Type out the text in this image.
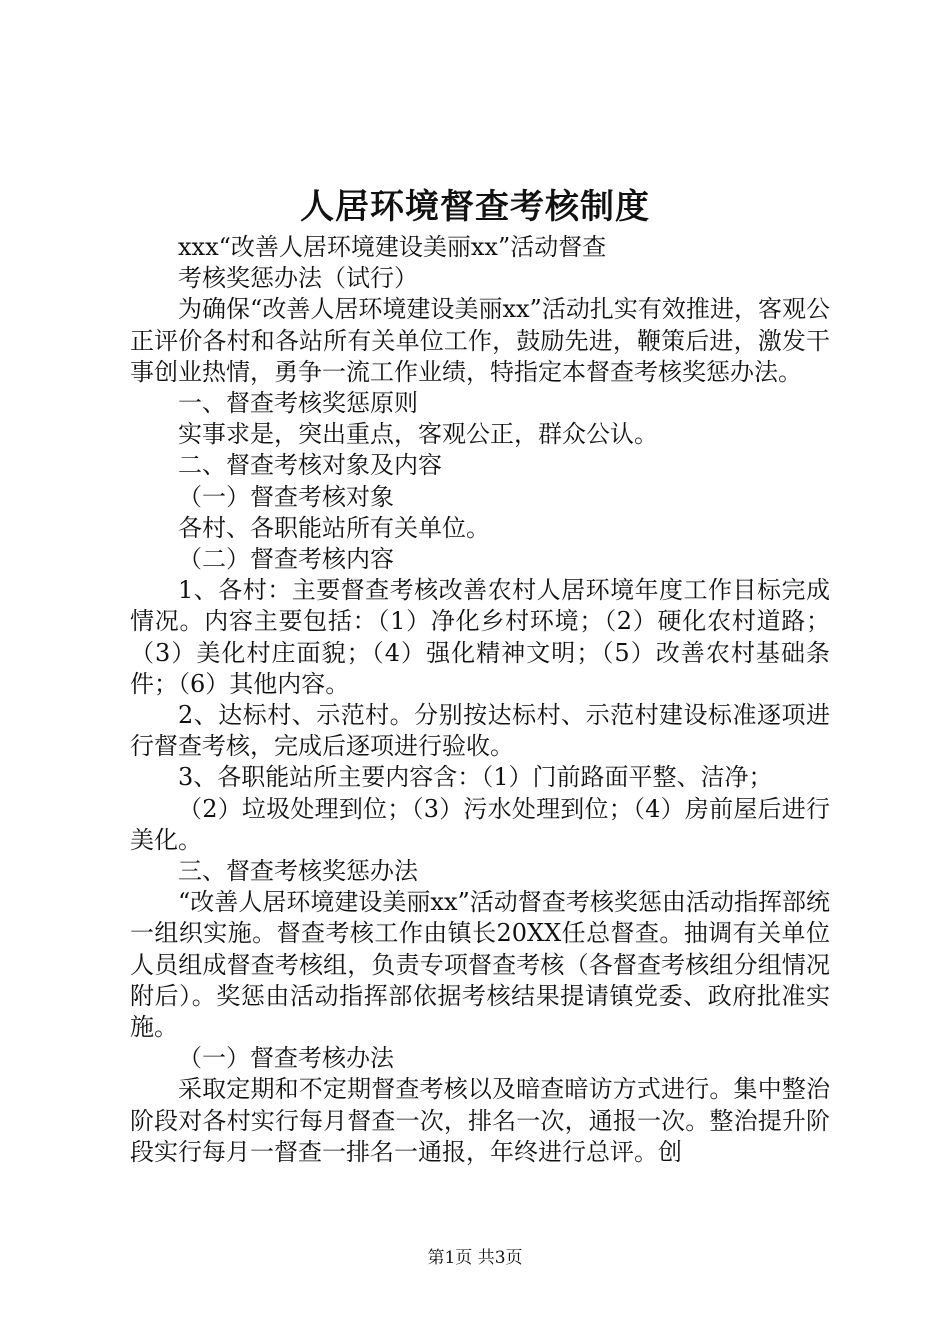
人居环境督查考核制度

xxx“改善人居环境建设美丽xx”活动督查

考核奖惩办法（试行）

为确保“改善人居环境建设美丽xx”活动扎实有效推进，客观公正评价各村和各站所有关单位工作，鼓励先进，鞭策后进，激发干事创业热情，勇争一流工作业绩，特指定本督查考核奖惩办法。

一、督查考核奖惩原则

实事求是，突出重点，客观公正，群众公认。

二、督查考核对象及内容

（一）督查考核对象

各村、各职能站所有关单位。

（二）督查考核内容

1、各村：主要督查考核改善农村人居环境年度工作目标完成情况。内容主要包括：（1）净化乡村环境；（2）硬化农村道路；（3）美化村庄面貌；（4）强化精神文明；（5）改善农村基础条件；（6）其他内容。

2、达标村、示范村。分别按达标村、示范村建设标准逐项进行督查考核，完成后逐项进行验收。

3、各职能站所主要内容含：（1）门前路面平整、洁净；

（2）垃圾处理到位；（3）污水处理到位；（4）房前屋后进行美化。

三、督查考核奖惩办法

“改善人居环境建设美丽xx”活动督查考核奖惩由活动指挥部统一组织实施。督查考核工作由镇长20XX任总督查。抽调有关单位人员组成督查考核组，负责专项督查考核（各督查考核组分组情况附后）。奖惩由活动指挥部依据考核结果提请镇党委、政府批准实施。

（一）督查考核办法

采取定期和不定期督查考核以及暗查暗访方式进行。集中整治阶段对各村实行每月督查一次，排名一次，通报一次。整治提升阶段实行每月一督查一排名一通报，年终进行总评。创

第1页 共3页
